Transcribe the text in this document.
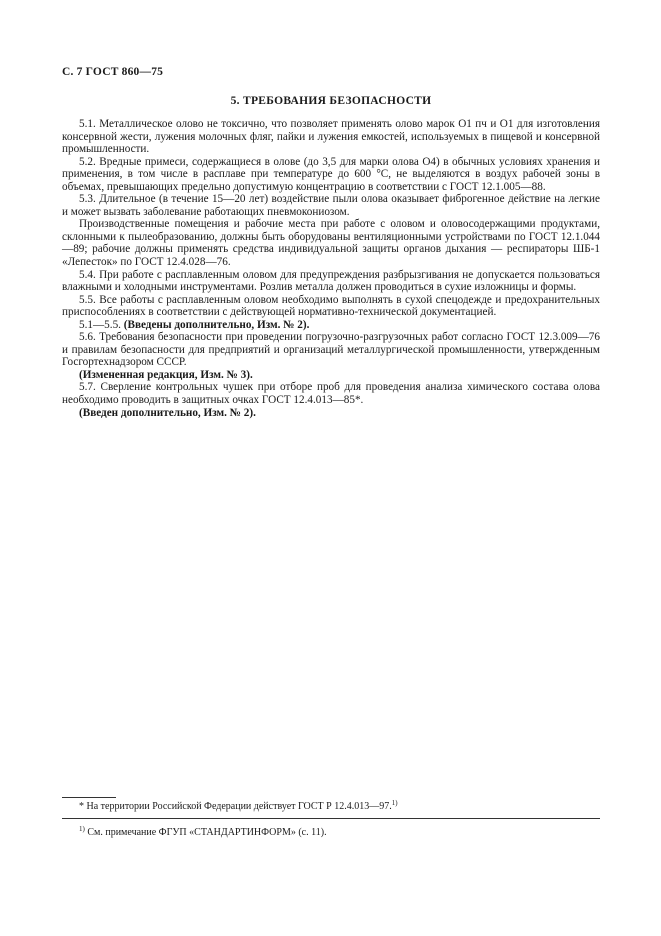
С. 7 ГОСТ 860—75
5. ТРЕБОВАНИЯ БЕЗОПАСНОСТИ

5.1. Металлическое олово не токсично, что позволяет применять олово марок О1 пч и О1 для изготовления консервной жести, лужения молочных фляг, пайки и лужения емкостей, используемых в пищевой и консервной промышленности.

5.2. Вредные примеси, содержащиеся в олове (до 3,5 для марки олова О4) в обычных условиях хранения и применения, в том числе в расплаве при температуре до 600 °С, не выделяются в воздух рабочей зоны в объемах, превышающих предельно допустимую концентрацию в соответствии с ГОСТ 12.1.005—88.

5.3. Длительное (в течение 15—20 лет) воздействие пыли олова оказывает фиброгенное действие на легкие и может вызвать заболевание работающих пневмокониозом.

Производственные помещения и рабочие места при работе с оловом и оловосодержащими продуктами, склонными к пылеобразованию, должны быть оборудованы вентиляционными устройствами по ГОСТ 12.1.044—89; рабочие должны применять средства индивидуальной защиты органов дыхания — респираторы ШБ-1 «Лепесток» по ГОСТ 12.4.028—76.

5.4. При работе с расплавленным оловом для предупреждения разбрызгивания не допускается пользоваться влажными и холодными инструментами. Розлив металла должен проводиться в сухие изложницы и формы.

5.5. Все работы с расплавленным оловом необходимо выполнять в сухой спецодежде и предохранительных приспособлениях в соответствии с действующей нормативно-технической документацией.

5.1—5.5. (Введены дополнительно, Изм. № 2).

5.6. Требования безопасности при проведении погрузочно-разгрузочных работ согласно ГОСТ 12.3.009—76 и правилам безопасности для предприятий и организаций металлургической промышленности, утвержденным Госгортехнадзором СССР.

(Измененная редакция, Изм. № 3).

5.7. Сверление контрольных чушек при отборе проб для проведения анализа химического состава олова необходимо проводить в защитных очках ГОСТ 12.4.013—85*.

(Введен дополнительно, Изм. № 2).

* На территории Российской Федерации действует ГОСТ Р 12.4.013—97.$^{1)}$
$^{1)}$ См. примечание ФГУП «СТАНДАРТИНФОРМ» (с. 11).
